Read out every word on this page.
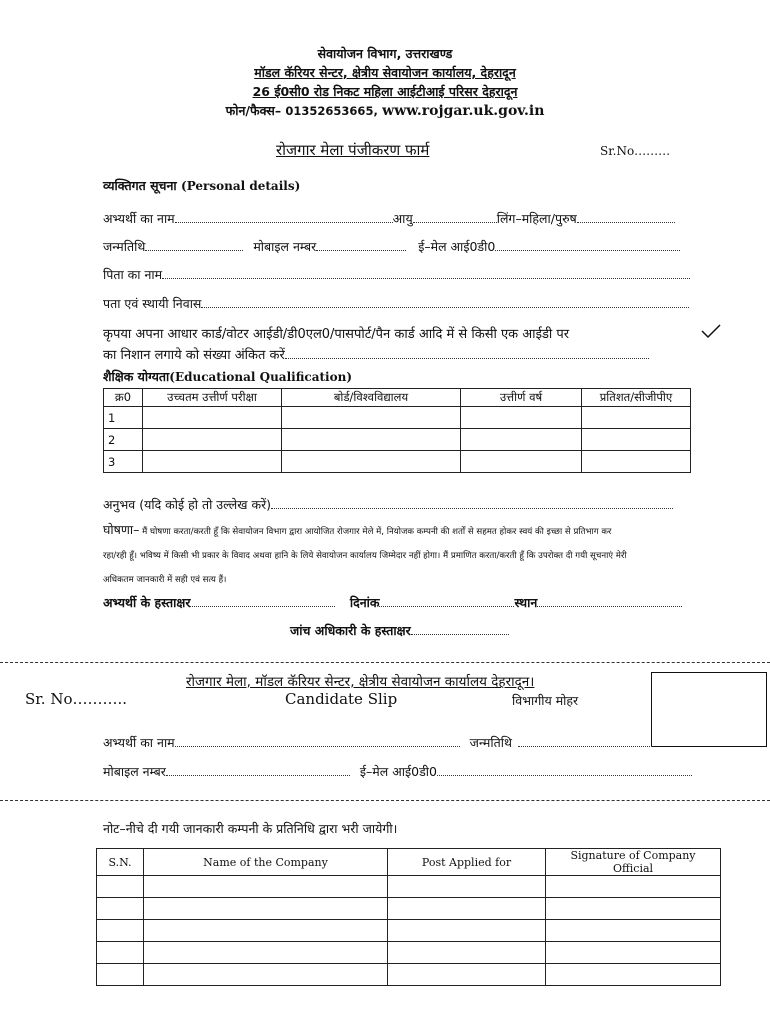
सेवायोजन विभाग, उत्तराखण्ड
मॉडल कॅरियर सेन्टर, क्षेत्रीय सेवायोजन कार्यालय, देहरादून
26 ई0सी0 रोड निकट महिला आईटीआई परिसर देहरादून
फोन/फैक्स– 01352653665, www.rojgar.uk.gov.in
रोजगार मेला पंजीकरण फार्म	Sr.No………
व्यक्तिगत सूचना (Personal details)
अभ्यर्थी का नाम	आयु	लिंग–महिला/पुरुष
जन्मतिथि	मोबाइल नम्बर	ई–मेल आई0डी0
पिता का नाम
पता एवं स्थायी निवास
कृपया अपना आधार कार्ड/वोटर आईडी/डी0एल0/पासपोर्ट/पैन कार्ड आदि में से किसी एक आईडी पर
का निशान लगाये को संख्या अंकित करें
शैक्षिक योग्यता(Educational Qualification)
क्र0	उच्चतम उत्तीर्ण परीक्षा	बोर्ड/विश्वविद्यालय	उत्तीर्ण वर्ष	प्रतिशत/सीजीपीए
1				
2				
3				
अनुभव (यदि कोई हो तो उल्लेख करें)
घोषणा– मैं घोषणा करता/करती हूँ कि सेवायोजन विभाग द्वारा आयोजित रोजगार मेले में, नियोजक कम्पनी की शर्तों से सहमत होकर स्वयं की इच्छा से प्रतिभाग कर
रहा/रही हूँ। भविष्य में किसी भी प्रकार के विवाद अथवा हानि के लिये सेवायोजन कार्यालय जिम्मेदार नहीं होगा। मैं प्रमाणित करता/करती हूँ कि उपरोक्त दी गयी सूचनाएं मेरी
अधिकतम जानकारी में सही एवं सत्य हैं।
अभ्यर्थी के हस्ताक्षर	दिनांक	स्थान
जांच अधिकारी के हस्ताक्षर
रोजगार मेला, मॉडल कॅरियर सेन्टर, क्षेत्रीय सेवायोजन कार्यालय देहरादून।
Sr. No………..	Candidate Slip	विभागीय मोहर
अभ्यर्थी का नाम	जन्मतिथि
मोबाइल नम्बर	ई–मेल आई0डी0
नोट–नीचे दी गयी जानकारी कम्पनी के प्रतिनिधि द्वारा भरी जायेगी।
S.N.	Name of the Company	Post Applied for	Signature of Company Official
